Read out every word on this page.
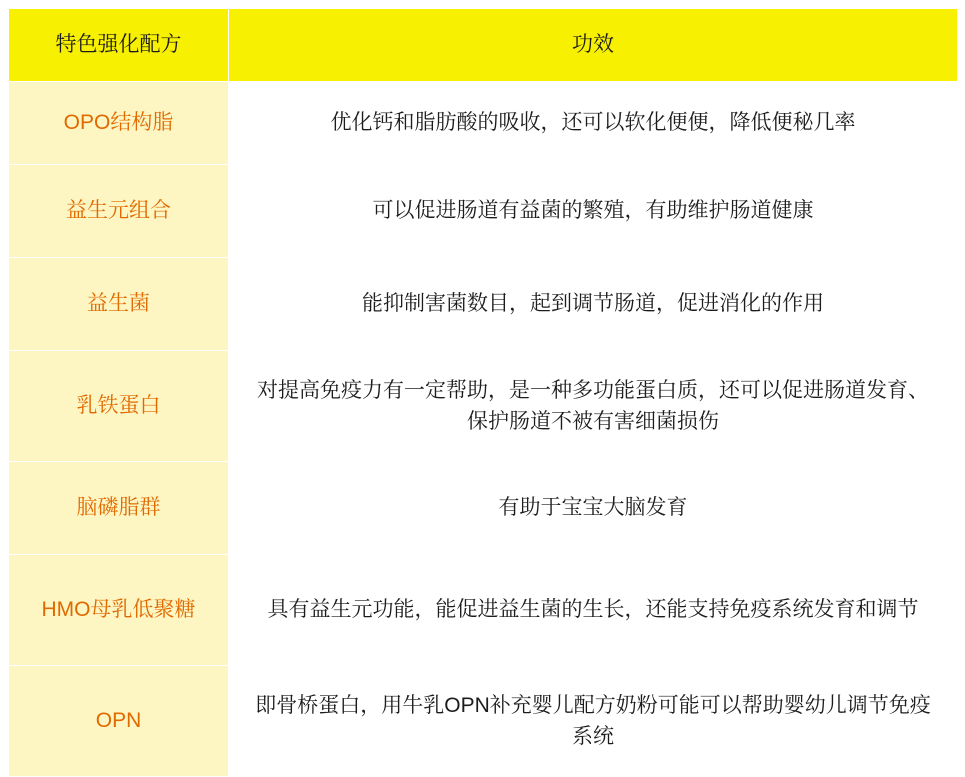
特色强化配方	功效
OPO结构脂	优化钙和脂肪酸的吸收，还可以软化便便，降低便秘几率
益生元组合	可以促进肠道有益菌的繁殖，有助维护肠道健康
益生菌	能抑制害菌数目，起到调节肠道，促进消化的作用
乳铁蛋白	对提高免疫力有一定帮助，是一种多功能蛋白质，还可以促进肠道发育、保护肠道不被有害细菌损伤
脑磷脂群	有助于宝宝大脑发育
HMO母乳低聚糖	具有益生元功能，能促进益生菌的生长，还能支持免疫系统发育和调节
OPN	即骨桥蛋白，用牛乳OPN补充婴儿配方奶粉可能可以帮助婴幼儿调节免疫系统
